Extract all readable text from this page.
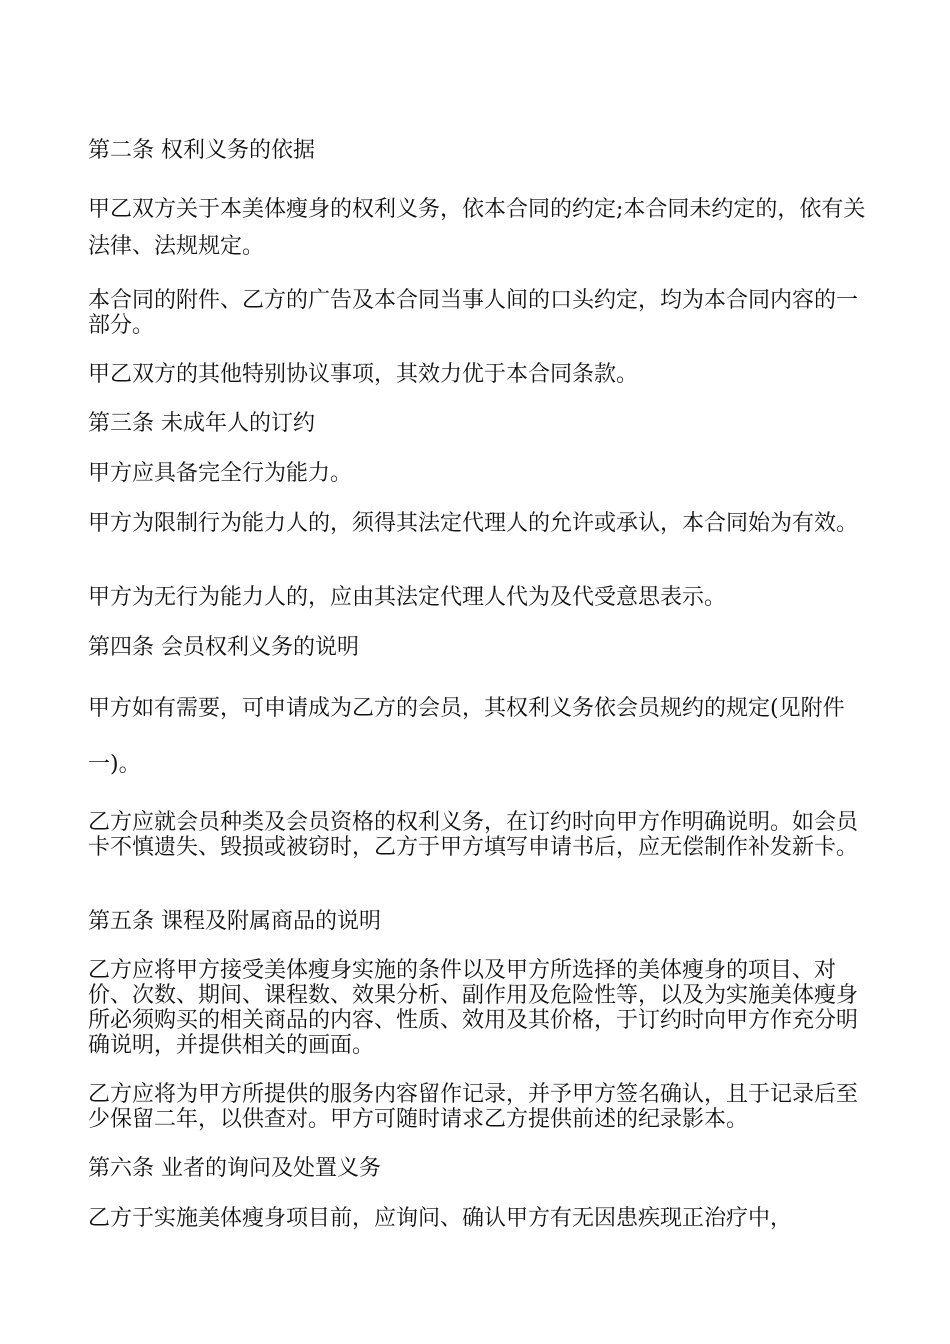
第二条 权利义务的依据

甲乙双方关于本美体瘦身的权利义务，依本合同的约定;本合同未约定的，依有关法律、法规规定。

本合同的附件、乙方的广告及本合同当事人间的口头约定，均为本合同内容的一部分。

甲乙双方的其他特别协议事项，其效力优于本合同条款。

第三条 未成年人的订约

甲方应具备完全行为能力。

甲方为限制行为能力人的，须得其法定代理人的允许或承认，本合同始为有效。

甲方为无行为能力人的，应由其法定代理人代为及代受意思表示。

第四条 会员权利义务的说明

甲方如有需要，可申请成为乙方的会员，其权利义务依会员规约的规定(见附件一)。

乙方应就会员种类及会员资格的权利义务，在订约时向甲方作明确说明。如会员卡不慎遗失、毁损或被窃时，乙方于甲方填写申请书后，应无偿制作补发新卡。

第五条 课程及附属商品的说明

乙方应将甲方接受美体瘦身实施的条件以及甲方所选择的美体瘦身的项目、对价、次数、期间、课程数、效果分析、副作用及危险性等，以及为实施美体瘦身所必须购买的相关商品的内容、性质、效用及其价格，于订约时向甲方作充分明确说明，并提供相关的画面。

乙方应将为甲方所提供的服务内容留作记录，并予甲方签名确认，且于记录后至少保留二年，以供查对。甲方可随时请求乙方提供前述的纪录影本。

第六条 业者的询问及处置义务

乙方于实施美体瘦身项目前，应询问、确认甲方有无因患疾现正治疗中，
